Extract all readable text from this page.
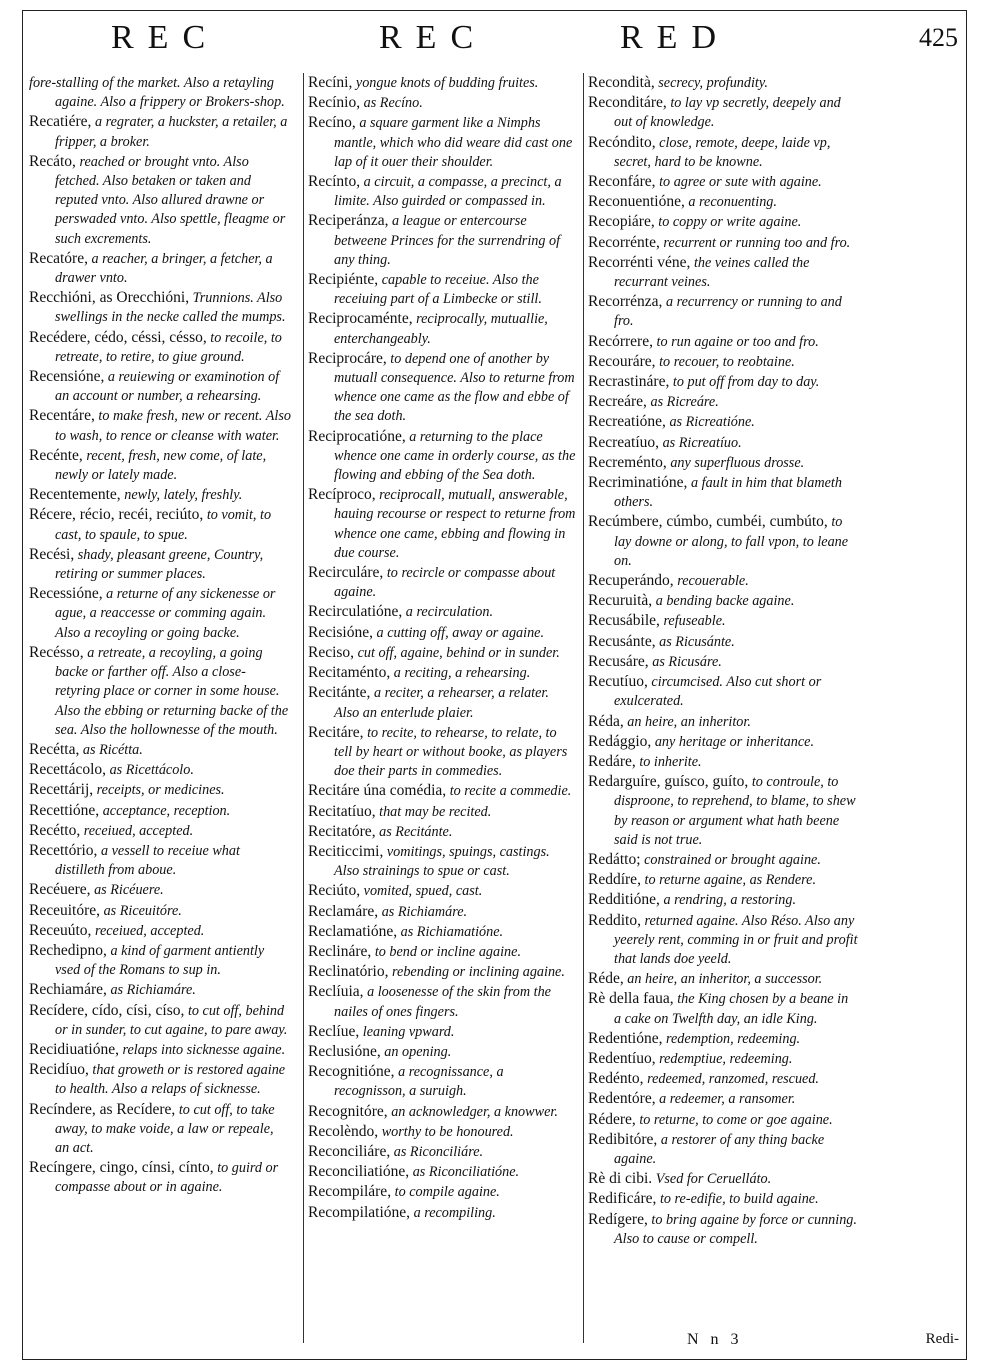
REC	REC	RED	425

fore-stalling of the market. Also a retayling againe. Also a frippery or Brokers-shop.

Recatiére, a regrater, a huckster, a retailer, a fripper, a broker.

Recáto, reached or brought vnto. Also fetched. Also betaken or taken and reputed vnto. Also allured drawne or perswaded vnto. Also spettle, fleagme or such excrements.

Recatóre, a reacher, a bringer, a fetcher, a drawer vnto.

Recchióni, as Orecchióni, Trunnions. Also swellings in the necke called the mumps.

Recédere, cédo, céssi, césso, to recoile, to retreate, to retire, to giue ground.

Recensióne, a reuiewing or examinotion of an account or number, a rehearsing.

Recentáre, to make fresh, new or recent. Also to wash, to rence or cleanse with water.

Recénte, recent, fresh, new come, of late, newly or lately made.

Recentemente, newly, lately, freshly.

Récere, récio, recéi, reciúto, to vomit, to cast, to spaule, to spue.

Recési, shady, pleasant greene, Country, retiring or summer places.

Recessióne, a returne of any sickenesse or ague, a reaccesse or comming again. Also a recoyling or going backe.

Recésso, a retreate, a recoyling, a going backe or farther off. Also a close-retyring place or corner in some house. Also the ebbing or returning backe of the sea. Also the hollownesse of the mouth.

Recétta, as Ricétta.

Recettácolo, as Ricettácolo.

Recettárij, receipts, or medicines.

Recettióne, acceptance, reception.

Recétto, receiued, accepted.

Recettório, a vessell to receiue what distilleth from aboue.

Recéuere, as Ricéuere.

Receuitóre, as Riceuitóre.

Receuúto, receiued, accepted.

Rechedipno, a kind of garment antiently vsed of the Romans to sup in.

Rechiamáre, as Richiamáre.

Recídere, cído, císi, císo, to cut off, behind or in sunder, to cut againe, to pare away.

Recidiuatióne, relaps into sicknesse againe.

Recidíuo, that groweth or is restored againe to health. Also a relaps of sicknesse.

Recíndere, as Recídere, to cut off, to take away, to make voide, a law or repeale, an act.

Recíngere, cingo, cínsi, cínto, to guird or compasse about or in againe.

Recíni, yongue knots of budding fruites.

Recínio, as Recíno.

Recíno, a square garment like a Nimphs mantle, which who did weare did cast one lap of it ouer their shoulder.

Recínto, a circuit, a compasse, a precinct, a limite. Also guirded or compassed in.

Reciperánza, a league or entercourse betweene Princes for the surrendring of any thing.

Recipiénte, capable to receiue. Also the receiuing part of a Limbecke or still.

Reciprocaménte, reciprocally, mutuallie, enterchangeably.

Reciprocáre, to depend one of another by mutuall consequence. Also to returne from whence one came as the flow and ebbe of the sea doth.

Reciprocatióne, a returning to the place whence one came in orderly course, as the flowing and ebbing of the Sea doth.

Recíproco, reciprocall, mutuall, answerable, hauing recourse or respect to returne from whence one came, ebbing and flowing in due course.

Recirculáre, to recircle or compasse about againe.

Recirculatióne, a recirculation.

Recisióne, a cutting off, away or againe.

Reciso, cut off, againe, behind or in sunder.

Recitaménto, a reciting, a rehearsing.

Recitánte, a reciter, a rehearser, a relater. Also an enterlude plaier.

Recitáre, to recite, to rehearse, to relate, to tell by heart or without booke, as players doe their parts in commedies.

Recitáre úna comédia, to recite a commedie.

Recitatíuo, that may be recited.

Recitatóre, as Recitánte.

Reciticcimi, vomitings, spuings, castings. Also strainings to spue or cast.

Reciúto, vomited, spued, cast.

Reclamáre, as Richiamáre.

Reclamatióne, as Richiamatióne.

Reclináre, to bend or incline againe.

Reclinatório, rebending or inclining againe.

Reclíuia, a loosenesse of the skin from the nailes of ones fingers.

Reclíue, leaning vpward.

Reclusióne, an opening.

Recognitióne, a recognissance, a recognisson, a suruigh.

Recognitóre, an acknowledger, a knowwer.

Recolèndo, worthy to be honoured.

Reconciliáre, as Riconciliáre.

Reconciliatióne, as Riconciliatióne.

Recompiláre, to compile againe.

Recompilatióne, a recompiling.

Recondità, secrecy, profundity.

Reconditáre, to lay vp secretly, deepely and out of knowledge.

Recóndito, close, remote, deepe, laide vp, secret, hard to be knowne.

Reconfáre, to agree or sute with againe.

Reconuentióne, a reconuenting.

Recopiáre, to coppy or write againe.

Recorrénte, recurrent or running too and fro.

Recorrénti véne, the veines called the recurrant veines.

Recorrénza, a recurrency or running to and fro.

Recórrere, to run againe or too and fro.

Recouráre, to recouer, to reobtaine.

Recrastináre, to put off from day to day.

Recreáre, as Ricreáre.

Recreatióne, as Ricreatióne.

Recreatíuo, as Ricreatíuo.

Recreménto, any superfluous drosse.

Recriminatióne, a fault in him that blameth others.

Recúmbere, cúmbo, cumbéi, cumbúto, to lay downe or along, to fall vpon, to leane on.

Recuperándo, recouerable.

Recuruità, a bending backe againe.

Recusábile, refuseable.

Recusánte, as Ricusánte.

Recusáre, as Ricusáre.

Recutíuo, circumcised. Also cut short or exulcerated.

Réda, an heire, an inheritor.

Redággio, any heritage or inheritance.

Redáre, to inherite.

Redarguíre, guísco, guíto, to controule, to disproone, to reprehend, to blame, to shew by reason or argument what hath beene said is not true.

Redátto; constrained or brought againe.

Reddíre, to returne againe, as Rendere.

Redditióne, a rendring, a restoring.

Reddito, returned againe. Also Réso. Also any yeerely rent, comming in or fruit and profit that lands doe yeeld.

Réde, an heire, an inheritor, a successor.

Rè della faua, the King chosen by a beane in a cake on Twelfth day, an idle King.

Redentióne, redemption, redeeming.

Redentíuo, redemptiue, redeeming.

Redénto, redeemed, ranzomed, rescued.

Redentóre, a redeemer, a ransomer.

Rédere, to returne, to come or goe againe.

Redibitóre, a restorer of any thing backe againe.

Rè di cibi. Vsed for Ceruelláto.

Redificáre, to re-edifie, to build againe.

Redígere, to bring againe by force or cunning. Also to cause or compell.

N n 3	Redi-
